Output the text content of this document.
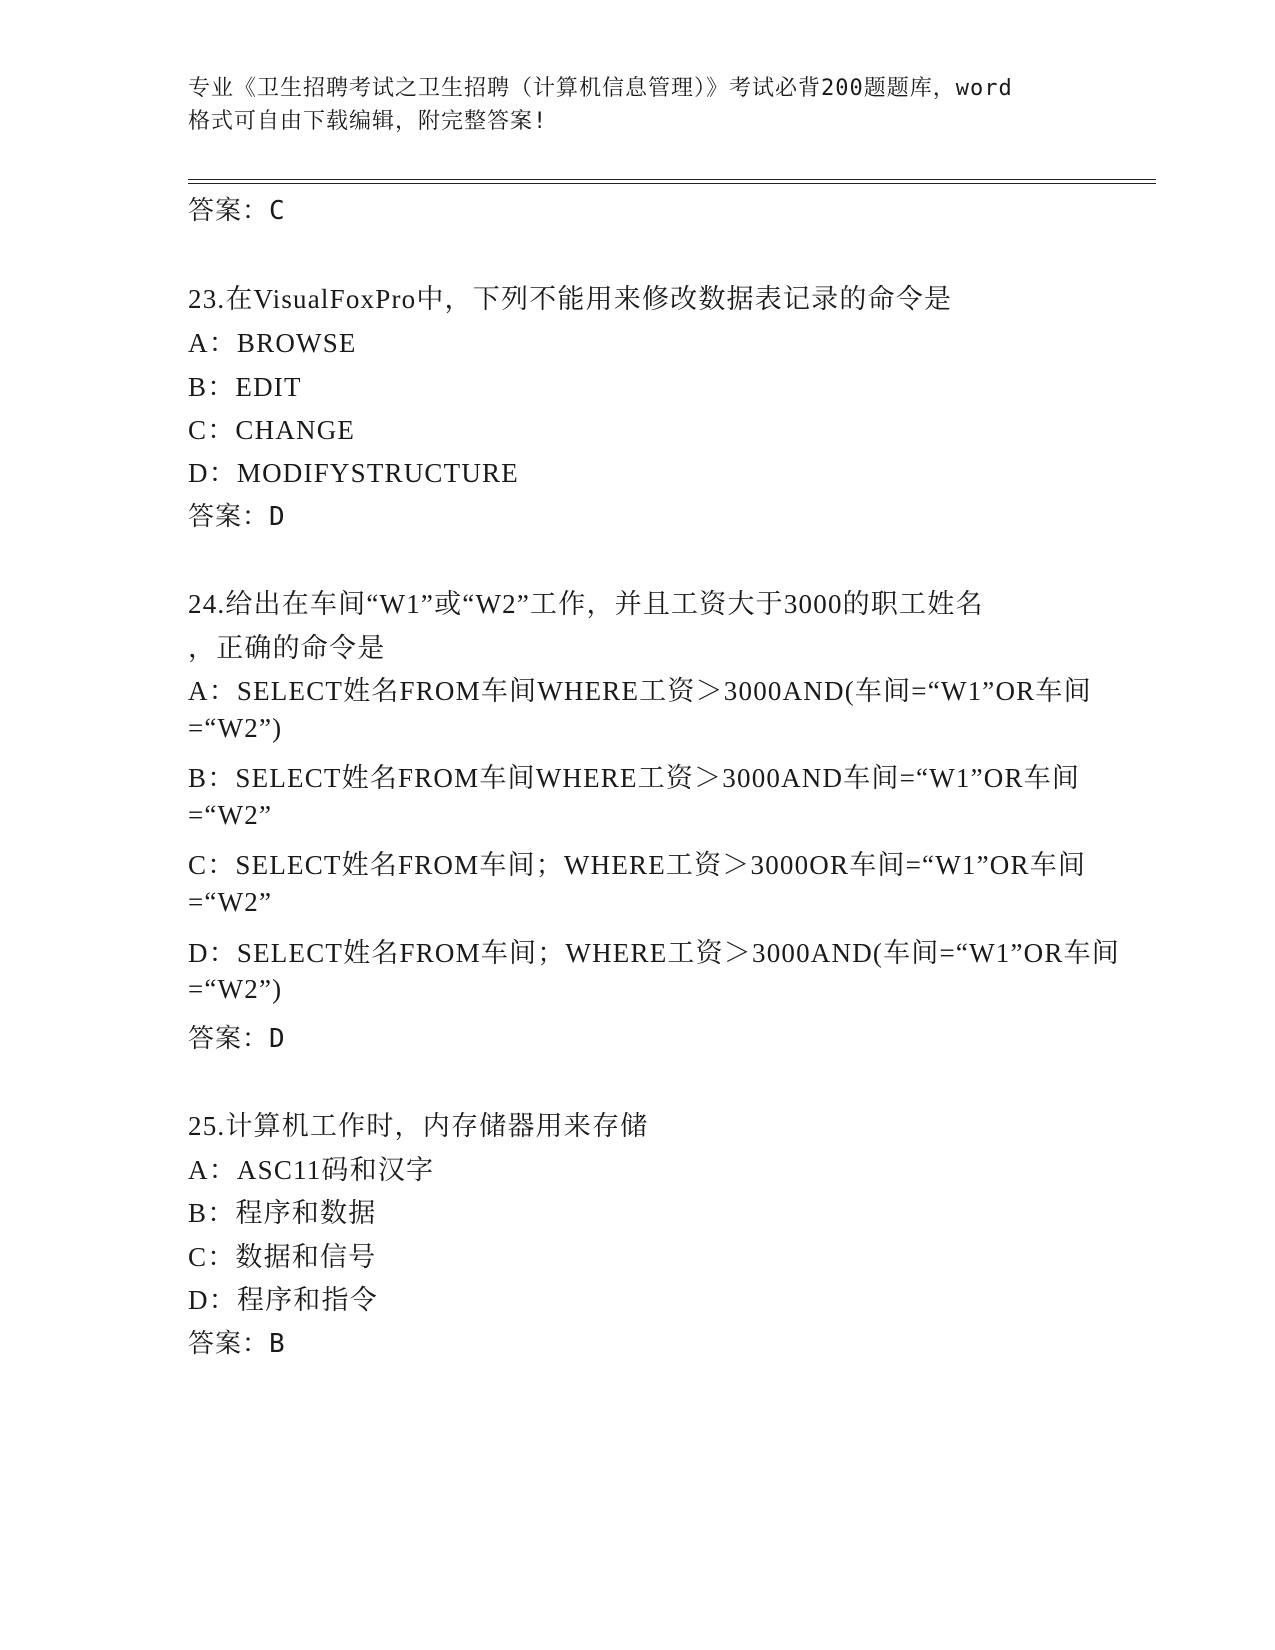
专业《卫生招聘考试之卫生招聘（计算机信息管理）》考试必背200题题库，word
格式可自由下载编辑，附完整答案!
答案：C
23.在VisualFoxPro中，下列不能用来修改数据表记录的命令是
A：BROWSE
B：EDIT
C：CHANGE
D：MODIFYSTRUCTURE
答案：D
24.给出在车间“W1”或“W2”工作，并且工资大于3000的职工姓名
，正确的命令是
A：SELECT姓名FROM车间WHERE工资＞3000AND(车间=“W1”OR车间
=“W2”)
B：SELECT姓名FROM车间WHERE工资＞3000AND车间=“W1”OR车间
=“W2”
C：SELECT姓名FROM车间；WHERE工资＞3000OR车间=“W1”OR车间
=“W2”
D：SELECT姓名FROM车间；WHERE工资＞3000AND(车间=“W1”OR车间
=“W2”)
答案：D
25.计算机工作时，内存储器用来存储
A：ASC11码和汉字
B：程序和数据
C：数据和信号
D：程序和指令
答案：B
